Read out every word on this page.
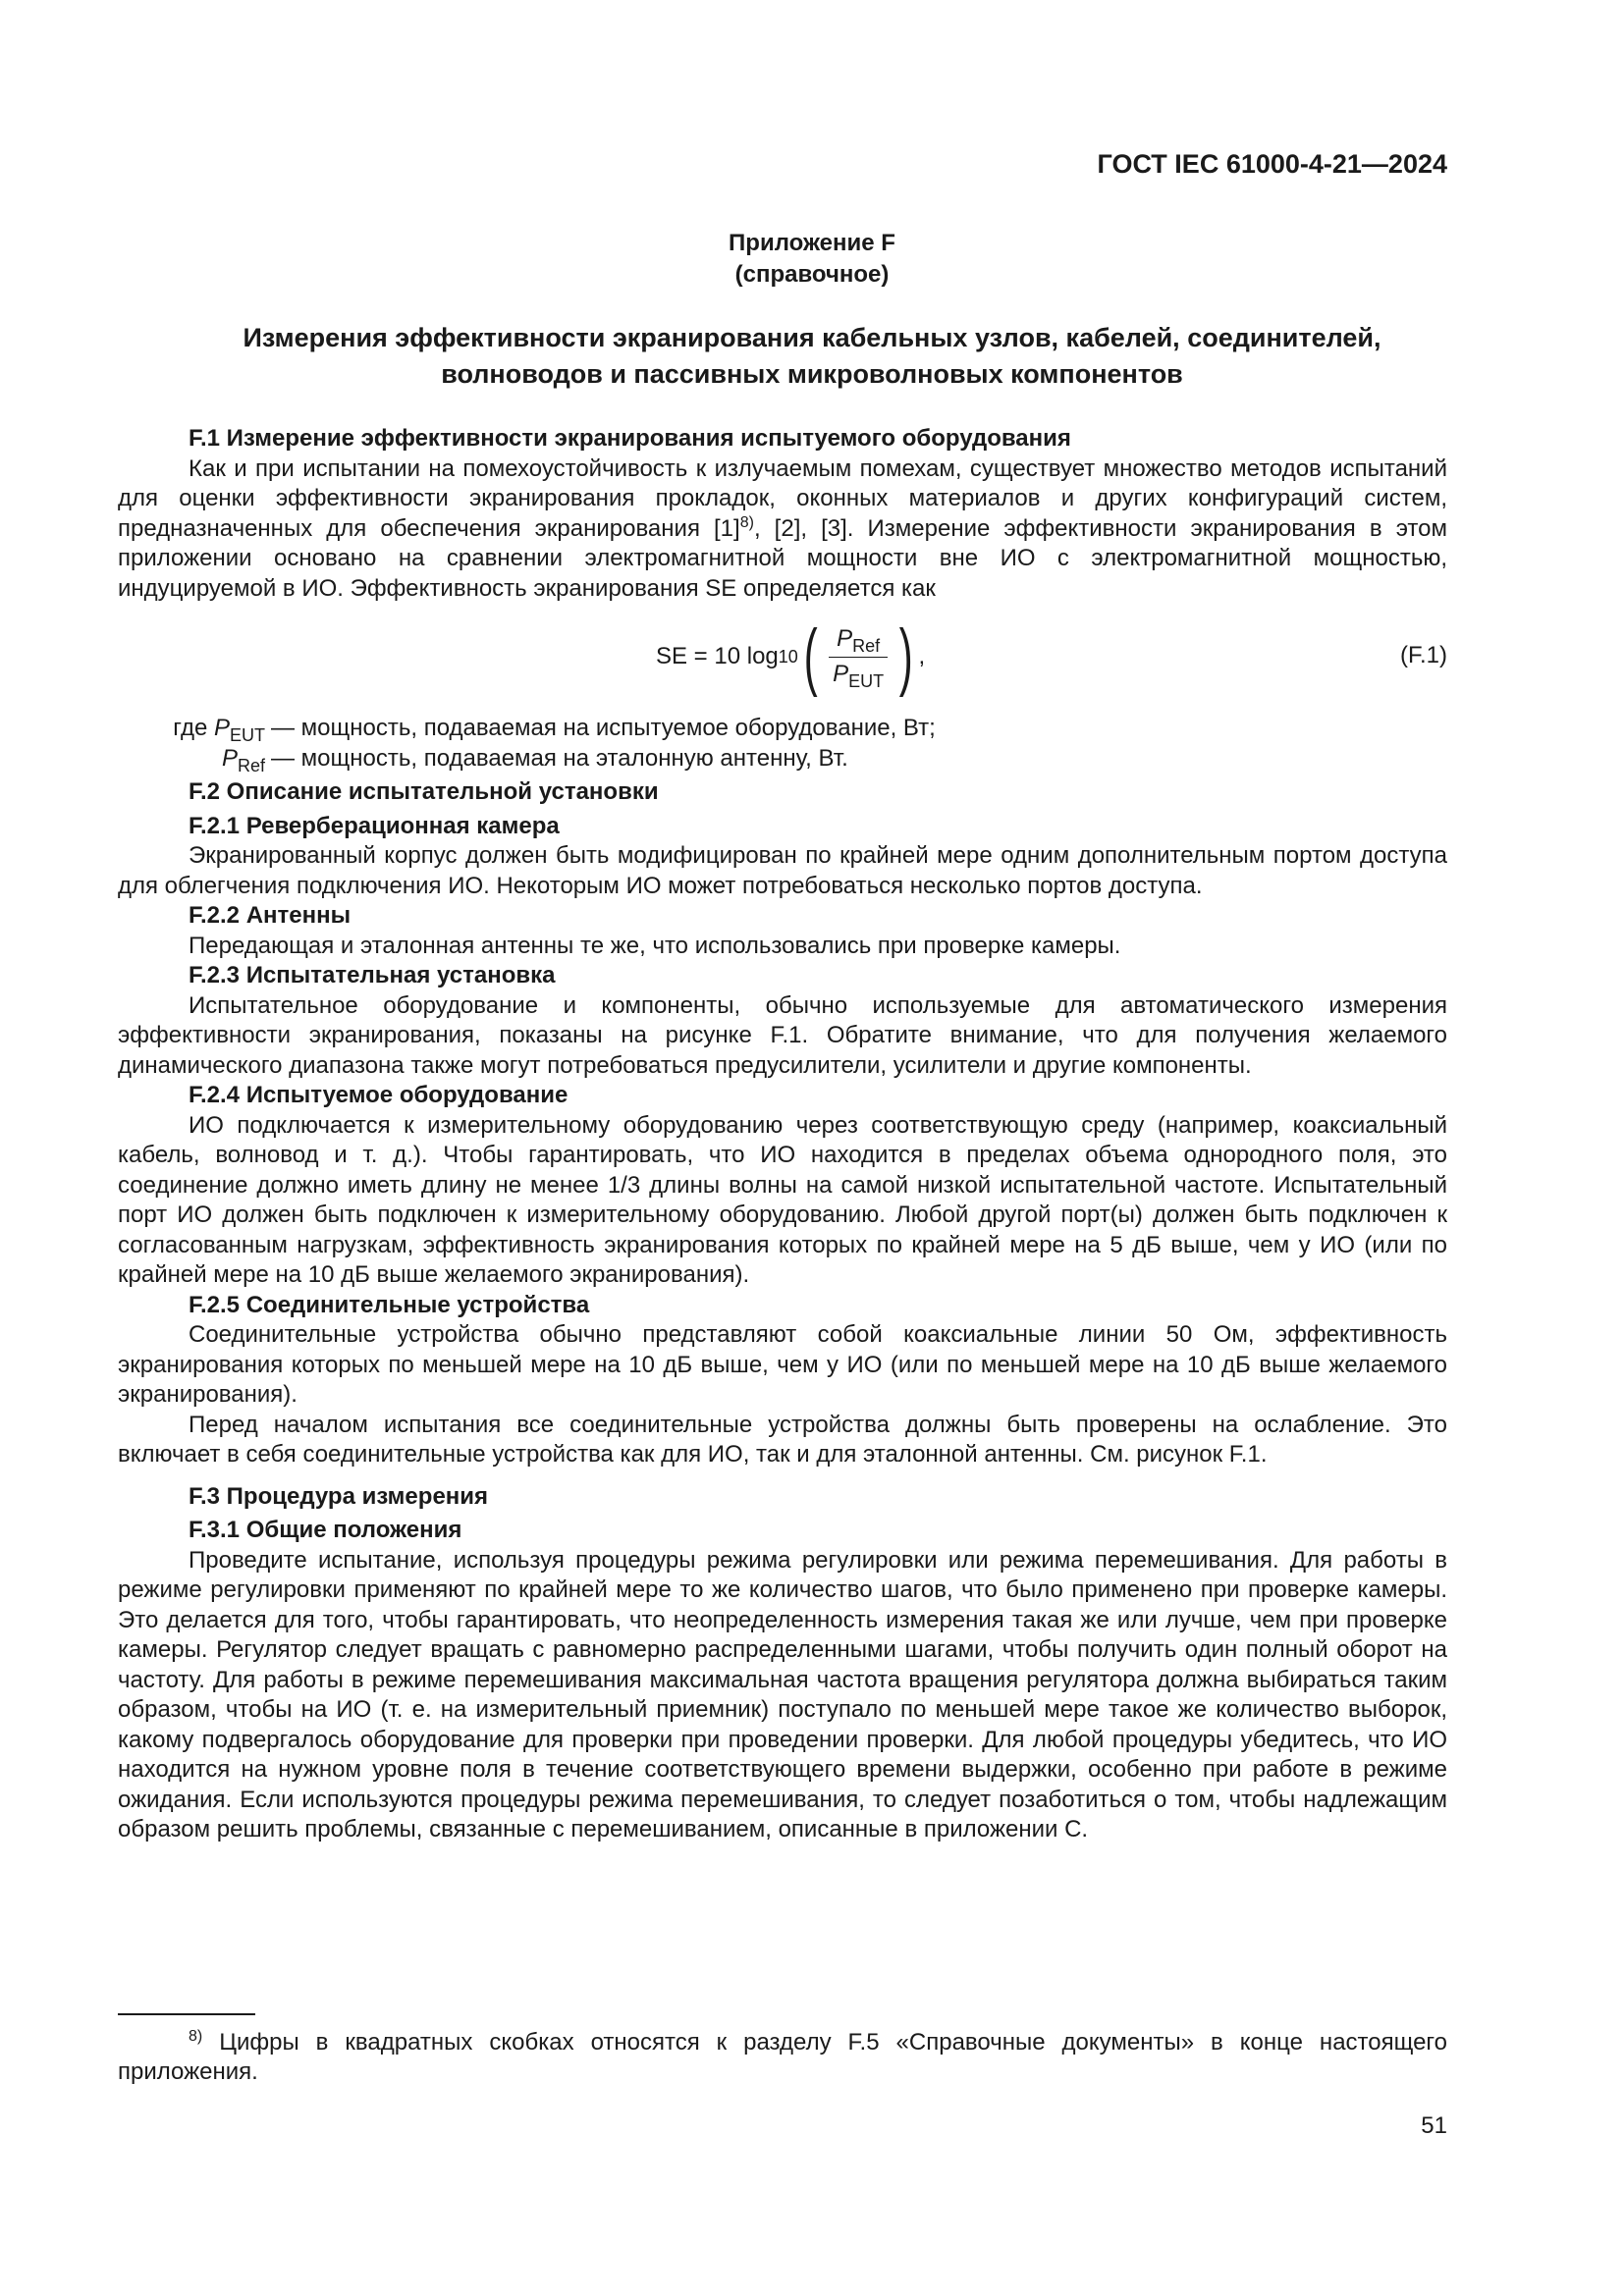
ГОСТ IEC 61000-4-21—2024
Приложение F
(справочное)
Измерения эффективности экранирования кабельных узлов, кабелей, соединителей,
волноводов и пассивных микроволновых компонентов
F.1 Измерение эффективности экранирования испытуемого оборудования

Как и при испытании на помехоустойчивость к излучаемым помехам, существует множество методов испытаний для оценки эффективности экранирования прокладок, оконных материалов и других конфигураций систем, предназначенных для обеспечения экранирования $[1]^{8)}$, [2], [3]. Измерение эффективности экранирования в этом приложении основано на сравнении электромагнитной мощности вне ИО с электромагнитной мощностью, индуцируемой в ИО. Эффективность экранирования SE определяется как

SE = 10 log 10 ( $\frac{P_{Ref}}{P_{EUT}}$ ) ,	(F.1)
где $P_{EUT}$ — мощность, подаваемая на испытуемое оборудование, Вт;
$P_{Ref}$ — мощность, подаваемая на эталонную антенну, Вт.
F.2 Описание испытательной установки
F.2.1 Реверберационная камера

Экранированный корпус должен быть модифицирован по крайней мере одним дополнительным портом доступа для облегчения подключения ИО. Некоторым ИО может потребоваться несколько портов доступа.

F.2.2 Антенны

Передающая и эталонная антенны те же, что использовались при проверке камеры.

F.2.3 Испытательная установка

Испытательное оборудование и компоненты, обычно используемые для автоматического измерения эффективности экранирования, показаны на рисунке F.1. Обратите внимание, что для получения желаемого динамического диапазона также могут потребоваться предусилители, усилители и другие компоненты.

F.2.4 Испытуемое оборудование

ИО подключается к измерительному оборудованию через соответствующую среду (например, коаксиальный кабель, волновод и т. д.). Чтобы гарантировать, что ИО находится в пределах объема однородного поля, это соединение должно иметь длину не менее 1/3 длины волны на самой низкой испытательной частоте. Испытательный порт ИО должен быть подключен к измерительному оборудованию. Любой другой порт(ы) должен быть подключен к согласованным нагрузкам, эффективность экранирования которых по крайней мере на 5 дБ выше, чем у ИО (или по крайней мере на 10 дБ выше желаемого экранирования).

F.2.5 Соединительные устройства

Соединительные устройства обычно представляют собой коаксиальные линии 50 Ом, эффективность экранирования которых по меньшей мере на 10 дБ выше, чем у ИО (или по меньшей мере на 10 дБ выше желаемого экранирования).

Перед началом испытания все соединительные устройства должны быть проверены на ослабление. Это включает в себя соединительные устройства как для ИО, так и для эталонной антенны. См. рисунок F.1.

F.3 Процедура измерения
F.3.1 Общие положения

Проведите испытание, используя процедуры режима регулировки или режима перемешивания. Для работы в режиме регулировки применяют по крайней мере то же количество шагов, что было применено при проверке камеры. Это делается для того, чтобы гарантировать, что неопределенность измерения такая же или лучше, чем при проверке камеры. Регулятор следует вращать с равномерно распределенными шагами, чтобы получить один полный оборот на частоту. Для работы в режиме перемешивания максимальная частота вращения регулятора должна выбираться таким образом, чтобы на ИО (т. е. на измерительный приемник) поступало по меньшей мере такое же количество выборок, какому подвергалось оборудование для проверки при проведении проверки. Для любой процедуры убедитесь, что ИО находится на нужном уровне поля в течение соответствующего времени выдержки, особенно при работе в режиме ожидания. Если используются процедуры режима перемешивания, то следует позаботиться о том, чтобы надлежащим образом решить проблемы, связанные с перемешиванием, описанные в приложении С.

$^{8)}$ Цифры в квадратных скобках относятся к разделу F.5 «Справочные документы» в конце настоящего приложения.
51
